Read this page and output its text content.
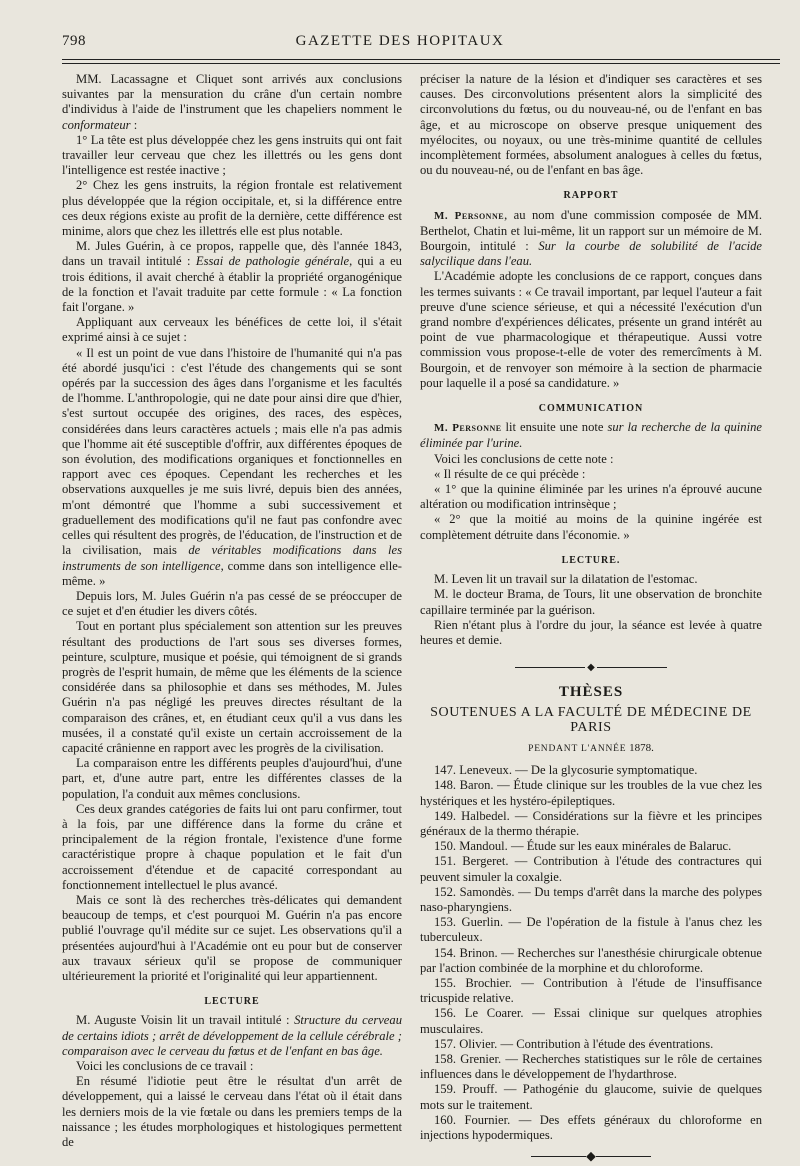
798	GAZETTE DES HOPITAUX

MM. Lacassagne et Cliquet sont arrivés aux conclusions suivantes par la mensuration du crâne d'un certain nombre d'individus à l'aide de l'instrument que les chapeliers nomment le conformateur :

1° La tête est plus développée chez les gens instruits qui ont fait travailler leur cerveau que chez les illettrés ou les gens dont l'intelligence est restée inactive ;

2° Chez les gens instruits, la région frontale est relativement plus développée que la région occipitale, et, si la différence entre ces deux régions existe au profit de la dernière, cette différence est minime, alors que chez les illettrés elle est plus notable.

M. Jules Guérin, à ce propos, rappelle que, dès l'année 1843, dans un travail intitulé : Essai de pathologie générale, qui a eu trois éditions, il avait cherché à établir la propriété organogénique de la fonction et l'avait traduite par cette formule : « La fonction fait l'organe. »

Appliquant aux cerveaux les bénéfices de cette loi, il s'était exprimé ainsi à ce sujet :

« Il est un point de vue dans l'histoire de l'humanité qui n'a pas été abordé jusqu'ici : c'est l'étude des changements qui se sont opérés par la succession des âges dans l'organisme et les facultés de l'homme. L'anthropologie, qui ne date pour ainsi dire que d'hier, s'est surtout occupée des origines, des races, des espèces, considérées dans leurs caractères actuels ; mais elle n'a pas admis que l'homme ait été susceptible d'offrir, aux différentes époques de son évolution, des modifications organiques et fonctionnelles en rapport avec ces époques. Cependant les recherches et les observations auxquelles je me suis livré, depuis bien des années, m'ont démontré que l'homme a subi successivement et graduellement des modifications qu'il ne faut pas confondre avec celles qui résultent des progrès, de l'éducation, de l'instruction et de la civilisation, mais de véritables modifications dans les instruments de son intelligence, comme dans son intelligence elle-même. »

Depuis lors, M. Jules Guérin n'a pas cessé de se préoccuper de ce sujet et d'en étudier les divers côtés.

Tout en portant plus spécialement son attention sur les preuves résultant des productions de l'art sous ses diverses formes, peinture, sculpture, musique et poésie, qui témoignent de si grands progrès de l'esprit humain, de même que les éléments de la science considérée dans sa philosophie et dans ses méthodes, M. Jules Guérin n'a pas négligé les preuves directes résultant de la comparaison des crânes, et, en étudiant ceux qu'il a vus dans les musées, il a constaté qu'il existe un certain accroissement de la capacité crânienne en rapport avec les progrès de la civilisation.

La comparaison entre les différents peuples d'aujourd'hui, d'une part, et, d'une autre part, entre les différentes classes de la population, l'a conduit aux mêmes conclusions.

Ces deux grandes catégories de faits lui ont paru confirmer, tout à la fois, par une différence dans la forme du crâne et principalement de la région frontale, l'existence d'une forme caractéristique propre à chaque population et le fait d'un accroissement d'étendue et de capacité correspondant au fonctionnement intellectuel le plus avancé.

Mais ce sont là des recherches très-délicates qui demandent beaucoup de temps, et c'est pourquoi M. Guérin n'a pas encore publié l'ouvrage qu'il médite sur ce sujet. Les observations qu'il a présentées aujourd'hui à l'Académie ont eu pour but de conserver aux travaux sérieux qu'il se propose de communiquer ultérieurement la priorité et l'originalité qui leur appartiennent.

LECTURE

M. Auguste Voisin lit un travail intitulé : Structure du cerveau de certains idiots ; arrêt de développement de la cellule cérébrale ; comparaison avec le cerveau du fœtus et de l'enfant en bas âge.

Voici les conclusions de ce travail :

En résumé l'idiotie peut être le résultat d'un arrêt de développement, qui a laissé le cerveau dans l'état où il était dans les derniers mois de la vie fœtale ou dans les premiers temps de la naissance ; les études morphologiques et histologiques permettent de

préciser la nature de la lésion et d'indiquer ses caractères et ses causes. Des circonvolutions présentent alors la simplicité des circonvolutions du fœtus, ou du nouveau-né, ou de l'enfant en bas âge, et au microscope on observe presque uniquement des myélocites, ou noyaux, ou une très-minime quantité de cellules incomplètement formées, absolument analogues à celles du fœtus, ou du nouveau-né, ou de l'enfant en bas âge.

RAPPORT

M. Personne, au nom d'une commission composée de MM. Berthelot, Chatin et lui-même, lit un rapport sur un mémoire de M. Bourgoin, intitulé : Sur la courbe de solubilité de l'acide salycilique dans l'eau.

L'Académie adopte les conclusions de ce rapport, conçues dans les termes suivants : « Ce travail important, par lequel l'auteur a fait preuve d'une science sérieuse, et qui a nécessité l'exécution d'un grand nombre d'expériences délicates, présente un grand intérêt au point de vue pharmacologique et thérapeutique. Aussi votre commission vous propose-t-elle de voter des remercîments à M. Bourgoin, et de renvoyer son mémoire à la section de pharmacie pour laquelle il a posé sa candidature. »

COMMUNICATION

M. Personne lit ensuite une note sur la recherche de la quinine éliminée par l'urine.

Voici les conclusions de cette note :

« Il résulte de ce qui précède :

« 1° que la quinine éliminée par les urines n'a éprouvé aucune altération ou modification intrinsèque ;

« 2° que la moitié au moins de la quinine ingérée est complètement détruite dans l'économie. »

LECTURE.

M. Leven lit un travail sur la dilatation de l'estomac.

M. le docteur Brama, de Tours, lit une observation de bronchite capillaire terminée par la guérison.

Rien n'étant plus à l'ordre du jour, la séance est levée à quatre heures et demie.

◆
THÈSES
SOUTENUES A LA FACULTÉ DE MÉDECINE DE PARIS
PENDANT L'ANNÉE 1878.

147. Leneveux. — De la glycosurie symptomatique.

148. Baron. — Étude clinique sur les troubles de la vue chez les hystériques et les hystéro-épileptiques.

149. Halbedel. — Considérations sur la fièvre et les principes généraux de la thermo thérapie.

150. Mandoul. — Étude sur les eaux minérales de Balaruc.

151. Bergeret. — Contribution à l'étude des contractures qui peuvent simuler la coxalgie.

152. Samondès. — Du temps d'arrêt dans la marche des polypes naso-pharyngiens.

153. Guerlin. — De l'opération de la fistule à l'anus chez les tuberculeux.

154. Brinon. — Recherches sur l'anesthésie chirurgicale obtenue par l'action combinée de la morphine et du chloroforme.

155. Brochier. — Contribution à l'étude de l'insuffisance tricuspide relative.

156. Le Coarer. — Essai clinique sur quelques atrophies musculaires.

157. Olivier. — Contribution à l'étude des éventrations.

158. Grenier. — Recherches statistiques sur le rôle de certaines influences dans le développement de l'hydarthrose.

159. Prouff. — Pathogénie du glaucome, suivie de quelques mots sur le traitement.

160. Fournier. — Des effets généraux du chloroforme en injections hypodermiques.

◆
